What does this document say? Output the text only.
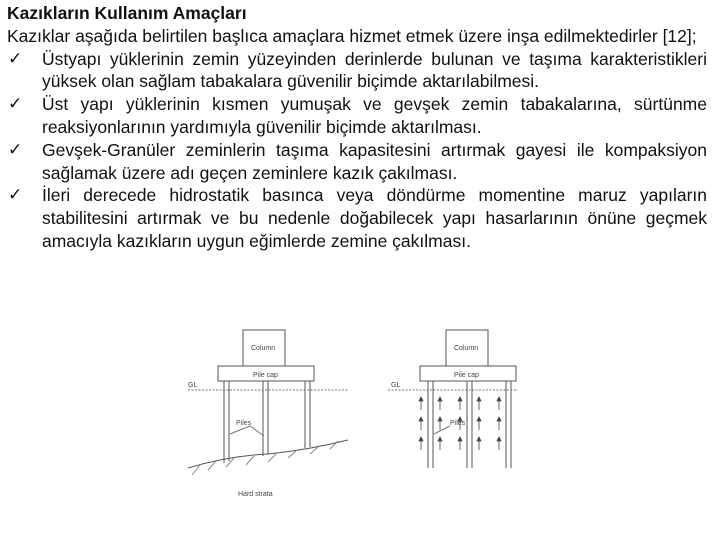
Kazıkların Kullanım Amaçları
Kazıklar aşağıda belirtilen başlıca amaçlara hizmet etmek üzere inşa edilmektedirler [12];
✓ Üstyapı yüklerinin zemin yüzeyinden derinlerde bulunan ve taşıma karakteristikleri yüksek olan sağlam tabakalara güvenilir biçimde aktarılabilmesi.
✓ Üst yapı yüklerinin kısmen yumuşak ve gevşek zemin tabakalarına, sürtünme reaksiyonlarının yardımıyla güvenilir biçimde aktarılması.
✓ Gevşek-Granüler zeminlerin taşıma kapasitesini artırmak gayesi ile kompaksiyon sağlamak üzere adı geçen zeminlere kazık çakılması.
✓ İleri derecede hidrostatik basınca veya döndürme momentine maruz yapıların stabilitesini artırmak ve bu nedenle doğabilecek yapı hasarlarının önüne geçmek amacıyla kazıkların uygun eğimlerde zemine çakılması.
Column
Pile cap
GL
Piles
Hard strata
Column
Pile cap
GL
Piles
